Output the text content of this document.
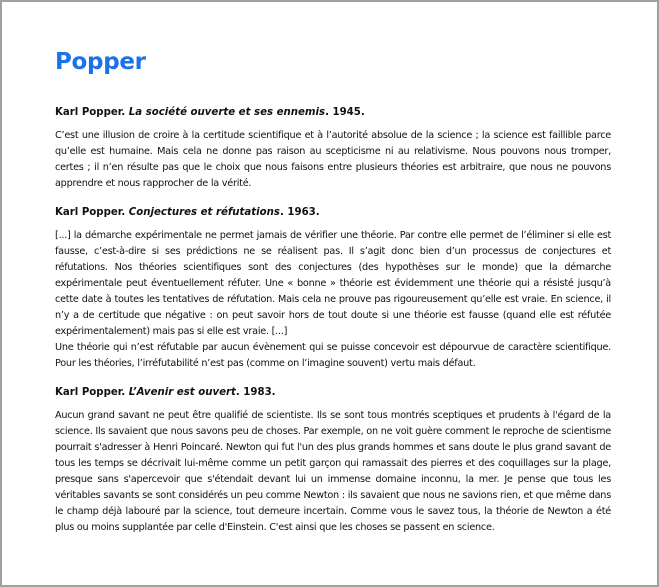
Popper

Karl Popper. La société ouverte et ses ennemis. 1945.

C’est une illusion de croire à la certitude scientifique et à l’autorité absolue de la science ; la science est faillible parce qu’elle est humaine. Mais cela ne donne pas raison au scepticisme ni au relativisme. Nous pouvons nous tromper, certes ; il n’en résulte pas que le choix que nous faisons entre plusieurs théories est arbitraire, que nous ne pouvons apprendre et nous rapprocher de la vérité.

Karl Popper. Conjectures et réfutations. 1963.

[...] la démarche expérimentale ne permet jamais de vérifier une théorie. Par contre elle permet de l’éliminer si elle est fausse, c’est-à-dire si ses prédictions ne se réalisent pas. Il s’agit donc bien d’un processus de conjectures et réfutations. Nos théories scientifiques sont des conjectures (des hypothèses sur le monde) que la démarche expérimentale peut éventuellement réfuter. Une « bonne » théorie est évidemment une théorie qui a résisté jusqu’à cette date à toutes les tentatives de réfutation. Mais cela ne prouve pas rigoureusement qu’elle est vraie. En science, il n’y a de certitude que négative : on peut savoir hors de tout doute si une théorie est fausse (quand elle est réfutée expérimentalement) mais pas si elle est vraie. [...]

Une théorie qui n’est réfutable par aucun évènement qui se puisse concevoir est dépourvue de caractère scientifique. Pour les théories, l’irréfutabilité n’est pas (comme on l’imagine souvent) vertu mais défaut.

Karl Popper. L’Avenir est ouvert. 1983.

Aucun grand savant ne peut être qualifié de scientiste. Ils se sont tous montrés sceptiques et prudents à l'égard de la science. Ils savaient que nous savons peu de choses. Par exemple, on ne voit guère comment le reproche de scientisme pourrait s'adresser à Henri Poincaré. Newton qui fut l'un des plus grands hommes et sans doute le plus grand savant de tous les temps se décrivait lui-même comme un petit garçon qui ramassait des pierres et des coquillages sur la plage, presque sans s'apercevoir que s'étendait devant lui un immense domaine inconnu, la mer. Je pense que tous les véritables savants se sont considérés un peu comme Newton : ils savaient que nous ne savions rien, et que même dans le champ déjà labouré par la science, tout demeure incertain. Comme vous le savez tous, la théorie de Newton a été plus ou moins supplantée par celle d'Einstein. C'est ainsi que les choses se passent en science.
